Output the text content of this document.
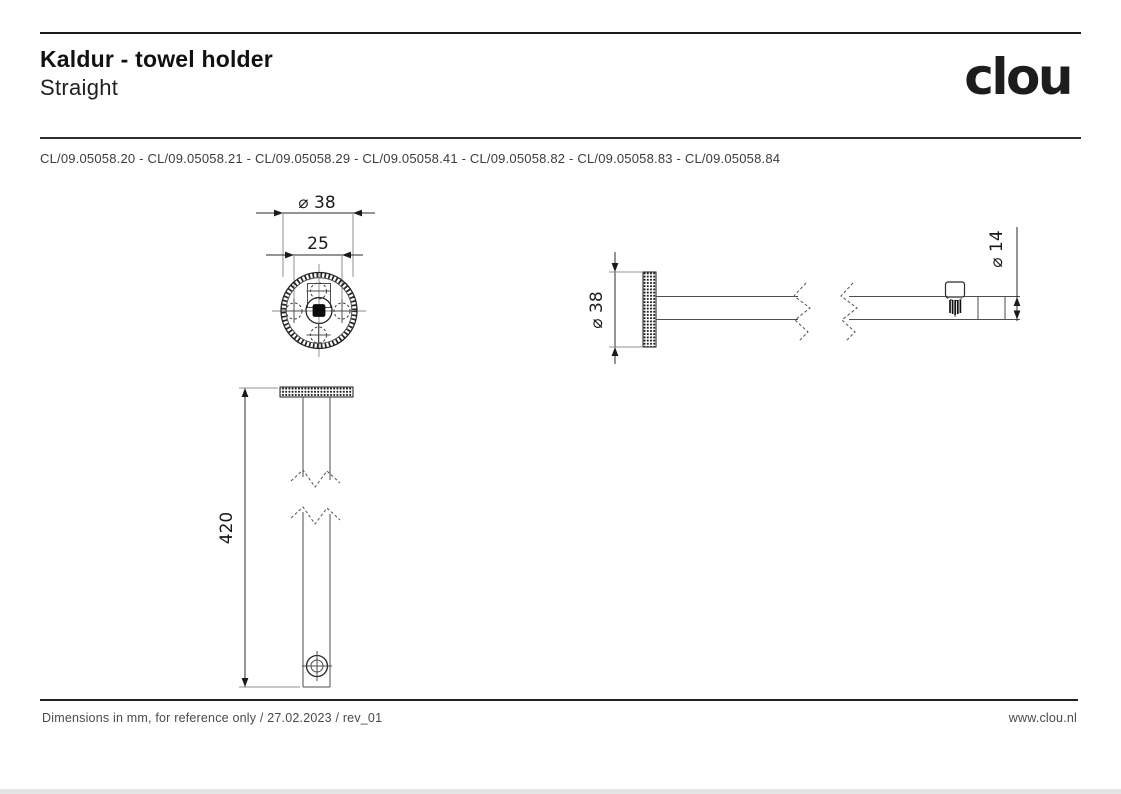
Kaldur - towel holder
Straight	clou
CL/09.05058.20 - CL/09.05058.21 - CL/09.05058.29 - CL/09.05058.41 - CL/09.05058.82 - CL/09.05058.83 - CL/09.05058.84
⌀ 38
25
⌀ 38
⌀ 14
420
Dimensions in mm, for reference only / 27.02.2023 / rev_01	www.clou.nl
